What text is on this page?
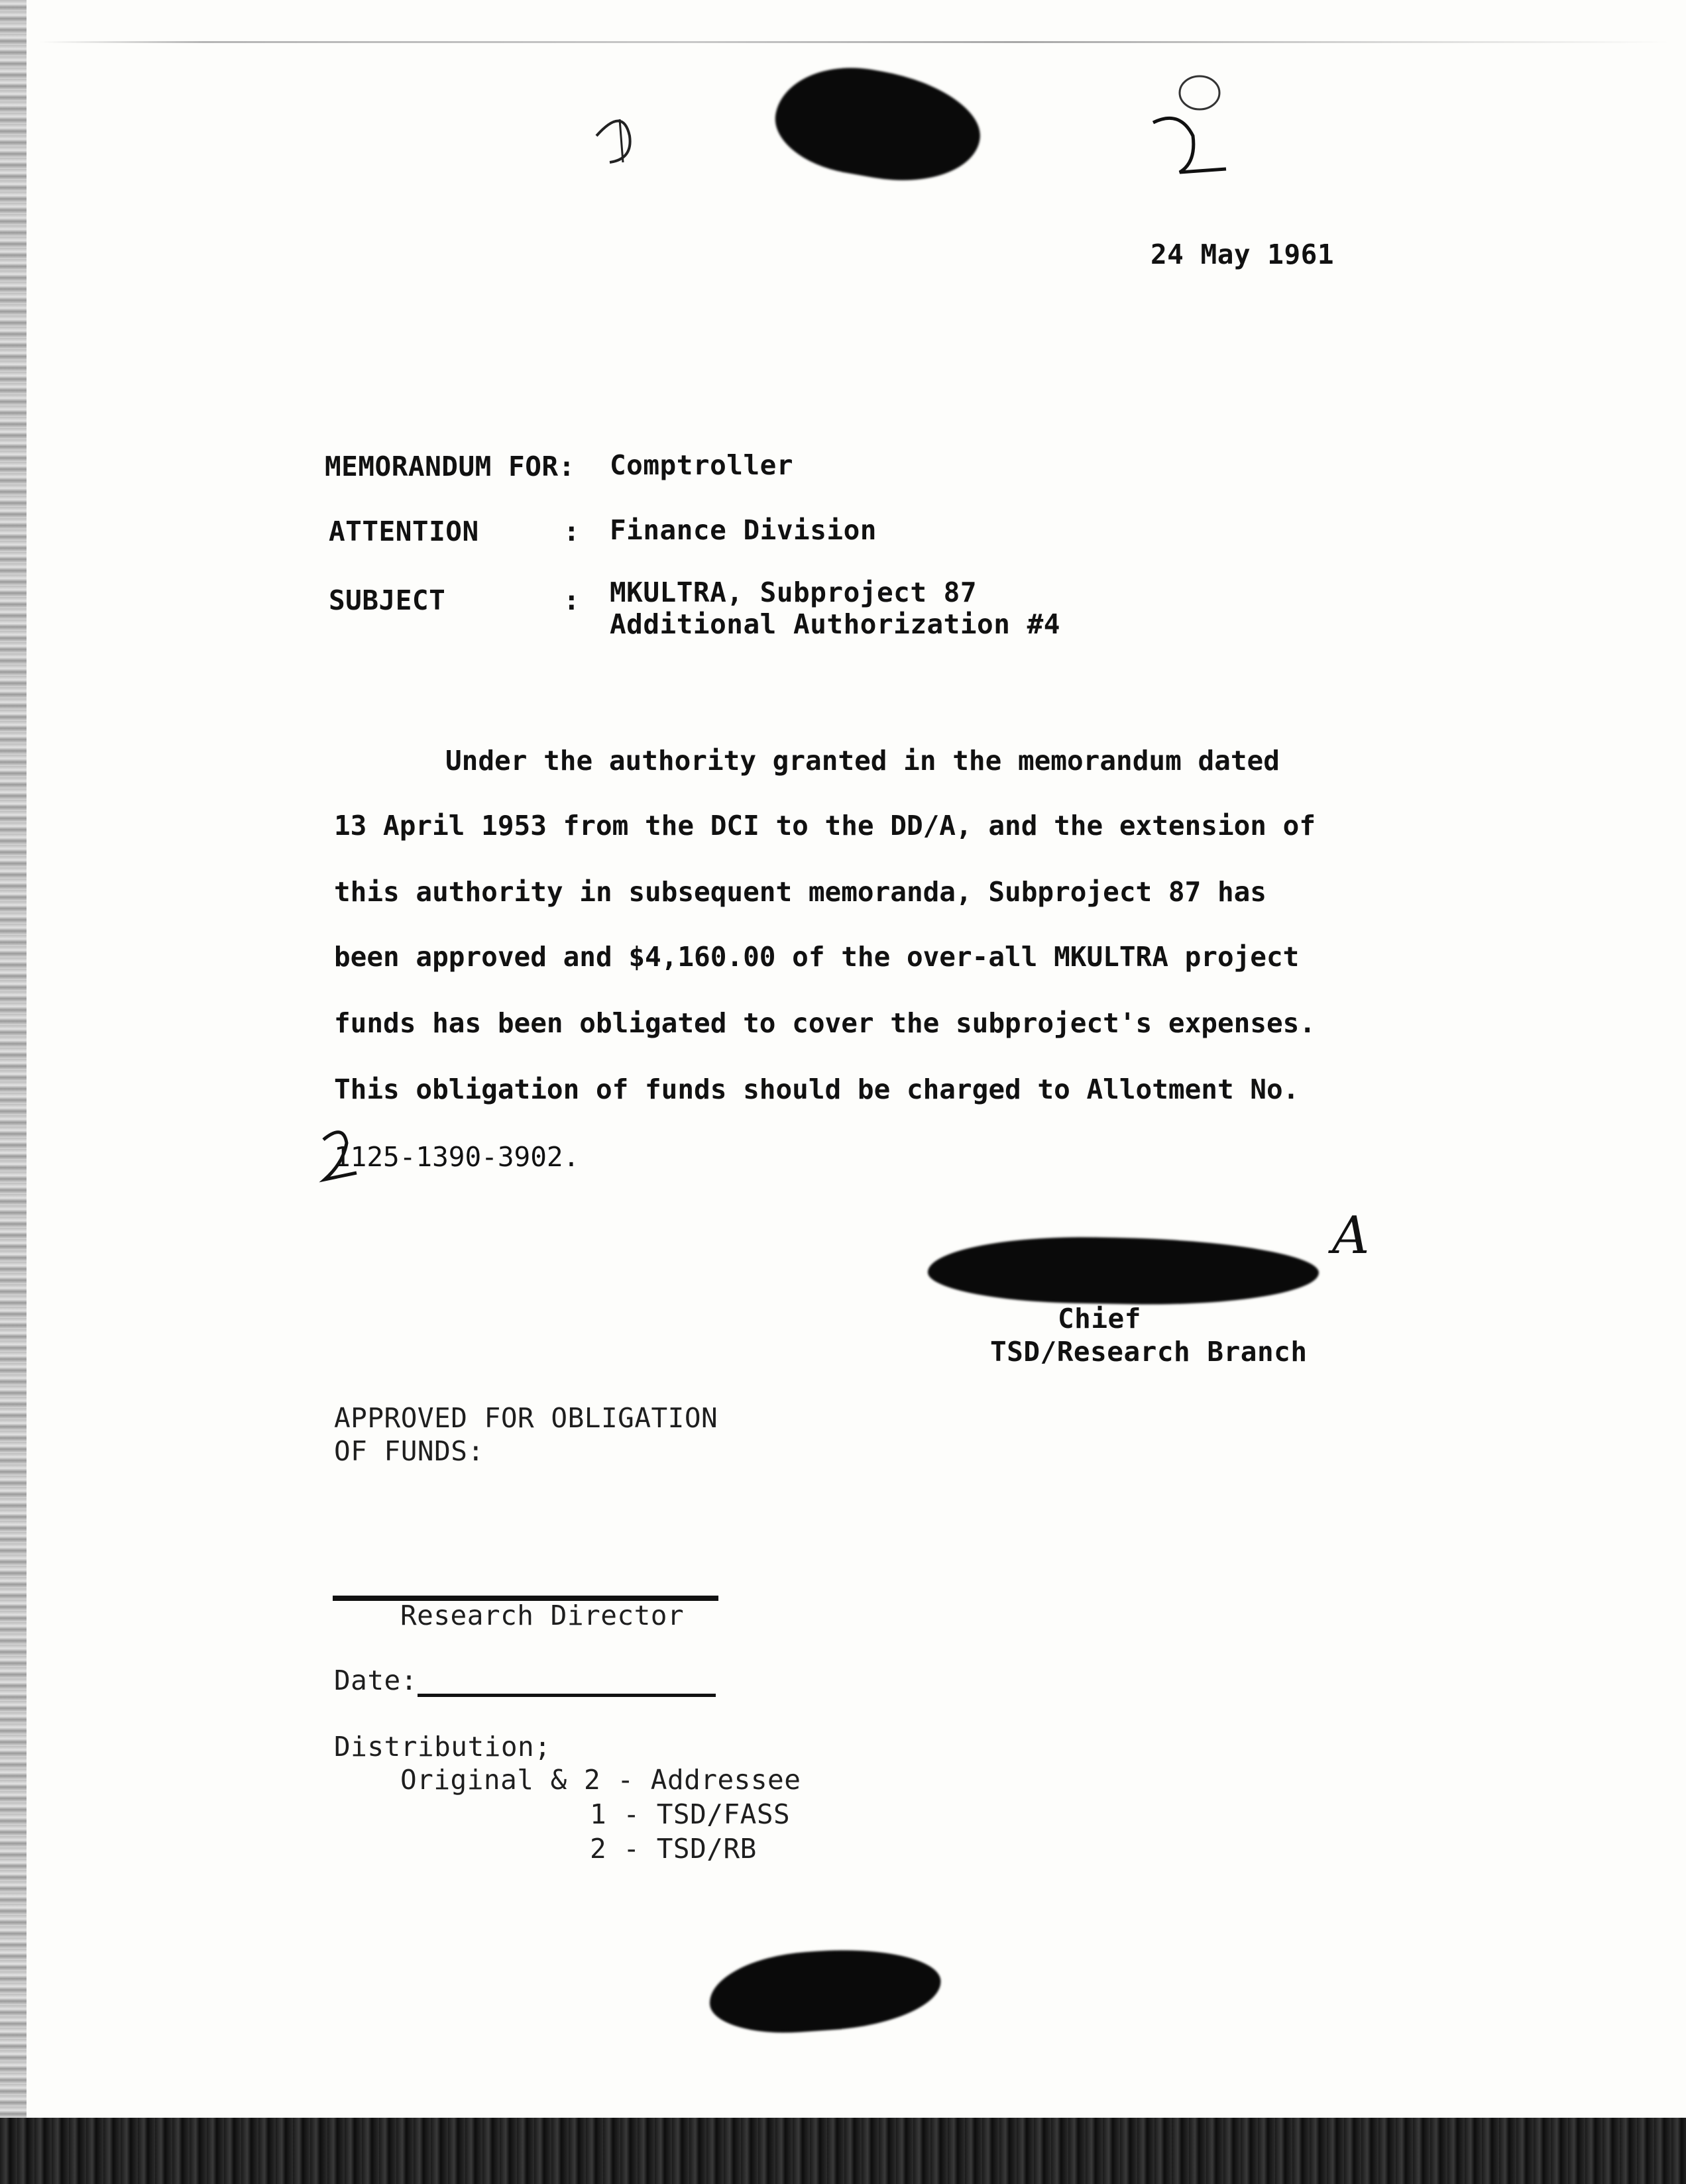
24 May 1961
MEMORANDUM FOR: Comptroller
ATTENTION	: Finance Division
SUBJECT	: MKULTRA, Subproject 87
Additional Authorization #4
Under the authority granted in the memorandum dated
13 April 1953 from the DCI to the DD/A, and the extension of
this authority in subsequent memoranda, Subproject 87 has
been approved and $4,160.00 of the over-all MKULTRA project
funds has been obligated to cover the subproject's expenses.
This obligation of funds should be charged to Allotment No.
1125-1390-3902.
A
Chief
TSD/Research Branch
APPROVED FOR OBLIGATION
OF FUNDS:
Research Director
Date:
Distribution;
Original & 2 - Addressee
1 - TSD/FASS
2 - TSD/RB
